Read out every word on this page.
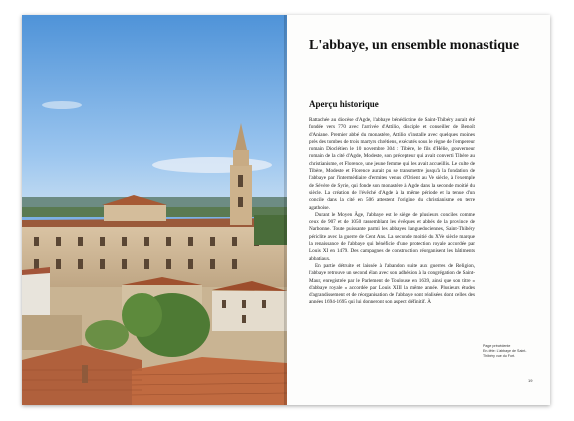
L'abbaye, un ensemble monastique
Aperçu historique

Rattachée au diocèse d'Agde, l'abbaye bénédictine de Saint-Thibéry aurait été fondée vers 770 avec l'arrivée d'Attilio, disciple et conseiller de Benoît d'Aniane. Premier abbé du monastère, Attilio s'installe avec quelques moines près des tombes de trois martyrs chrétiens, exécutés sous le règne de l'empereur romain Dioclétien le 10 novembre 304 : Tibère, le fils d'Hélie, gouverneur romain de la cité d'Agde, Modeste, son précepteur qui avait converti Tibère au christianisme, et Florence, une jeune femme qui les avait accueillis. Le culte de Tibère, Modeste et Florence aurait pu se transmettre jusqu'à la fondation de l'abbaye par l'intermédiaire d'ermites venus d'Orient au Ve siècle, à l'exemple de Sévère de Syrie, qui fonde son monastère à Agde dans la seconde moitié du siècle. La création de l'évêché d'Agde à la même période et la tenue d'un concile dans la cité en 506 attestent l'origine du christianisme en terre agathoise.

Durant le Moyen Âge, l'abbaye est le siège de plusieurs conciles comme ceux de 907 et de 1050 rassemblant les évêques et abbés de la province de Narbonne. Toute puissante parmi les abbayes languedociennes, Saint-Thibéry périclite avec la guerre de Cent Ans. La seconde moitié du XVe siècle marque la renaissance de l'abbaye qui bénéficie d'une protection royale accordée par Louis XI en 1479. Des campagnes de construction réorganisent les bâtiments abbatiaux.

En partie détruite et laissée à l'abandon suite aux guerres de Religion, l'abbaye retrouve un second élan avec son adhésion à la congrégation de Saint-Maur, enregistrée par le Parlement de Toulouse en 1639, ainsi que son titre « d'abbaye royale » accordée par Louis XIII la même année. Plusieurs études d'agrandissement et de réorganisation de l'abbaye sont réalisées dont celles des années 1694-1695 qui lui donneront son aspect définitif. À

Page précédente
En-tête: L'abbaye de Saint-
Thibéry vue du Fort.
19
